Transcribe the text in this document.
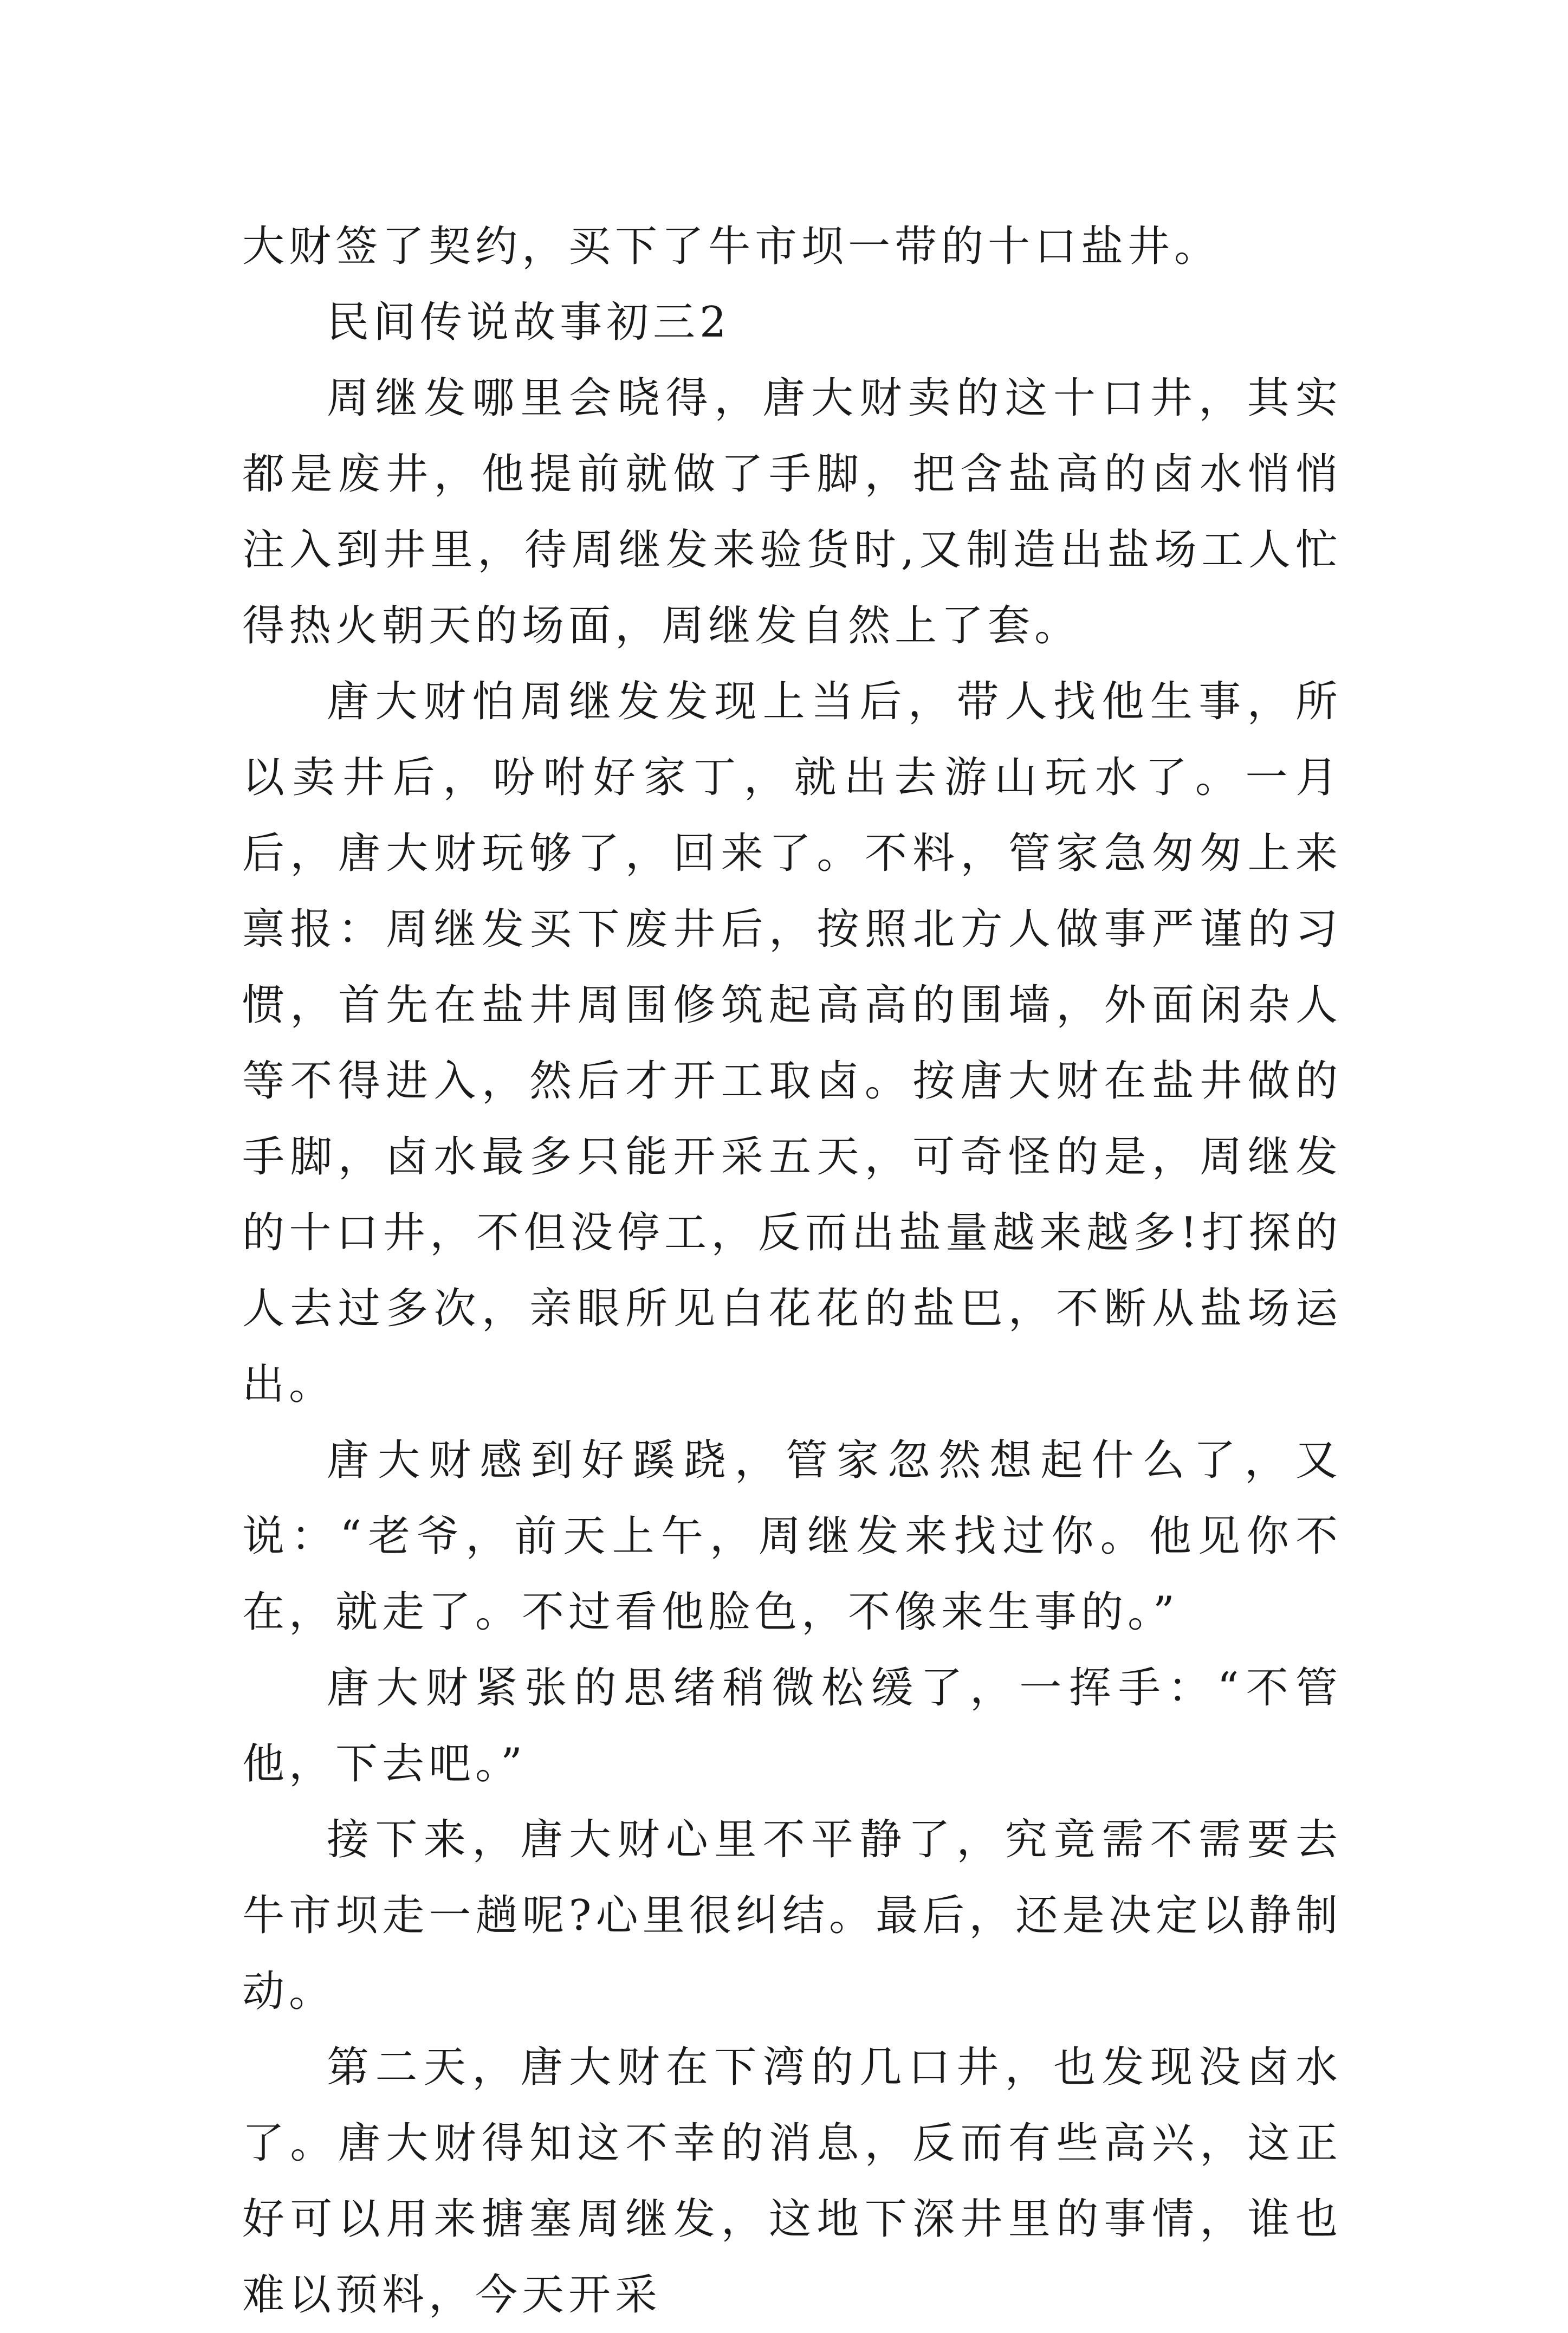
大财签了契约，买下了牛市坝一带的十口盐井。

民间传说故事初三2

周继发哪里会晓得，唐大财卖的这十口井，其实都是废井，他提前就做了手脚，把含盐高的卤水悄悄注入到井里，待周继发来验货时,又制造出盐场工人忙得热火朝天的场面，周继发自然上了套。

唐大财怕周继发发现上当后，带人找他生事，所以卖井后，吩咐好家丁，就出去游山玩水了。一月后，唐大财玩够了，回来了。不料，管家急匆匆上来禀报：周继发买下废井后，按照北方人做事严谨的习惯，首先在盐井周围修筑起高高的围墙，外面闲杂人等不得进入，然后才开工取卤。按唐大财在盐井做的手脚，卤水最多只能开采五天，可奇怪的是，周继发的十口井，不但没停工，反而出盐量越来越多!打探的人去过多次，亲眼所见白花花的盐巴，不断从盐场运出。

唐大财感到好蹊跷，管家忽然想起什么了，又说：“老爷，前天上午，周继发来找过你。他见你不在，就走了。不过看他脸色，不像来生事的。”

唐大财紧张的思绪稍微松缓了，一挥手：“不管他，下去吧。”

接下来，唐大财心里不平静了，究竟需不需要去牛市坝走一趟呢?心里很纠结。最后，还是决定以静制动。

第二天，唐大财在下湾的几口井，也发现没卤水了。唐大财得知这不幸的消息，反而有些高兴，这正好可以用来搪塞周继发，这地下深井里的事情，谁也难以预料，今天开采
